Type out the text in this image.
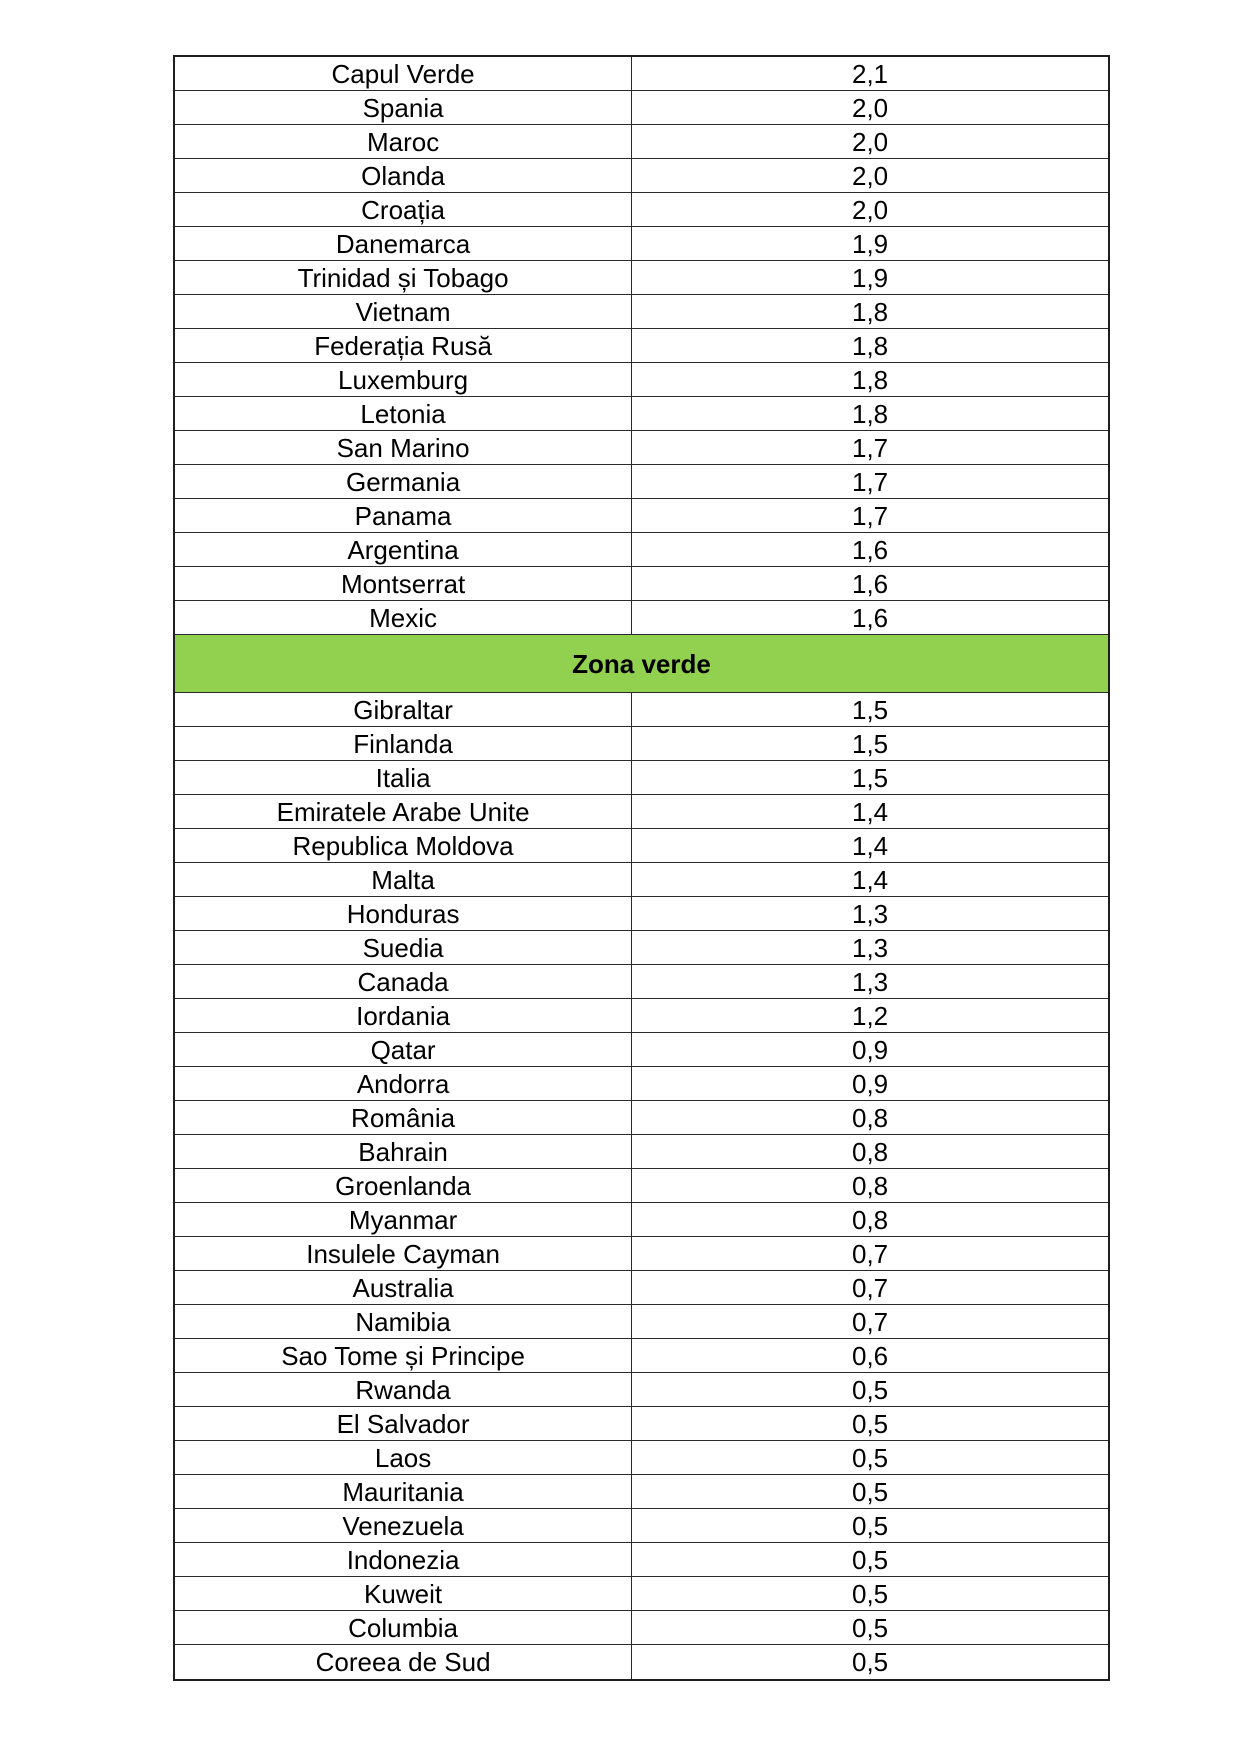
Capul Verde	2,1
Spania	2,0
Maroc	2,0
Olanda	2,0
Croația	2,0
Danemarca	1,9
Trinidad și Tobago	1,9
Vietnam	1,8
Federația Rusă	1,8
Luxemburg	1,8
Letonia	1,8
San Marino	1,7
Germania	1,7
Panama	1,7
Argentina	1,6
Montserrat	1,6
Mexic	1,6
Zona verde
Gibraltar	1,5
Finlanda	1,5
Italia	1,5
Emiratele Arabe Unite	1,4
Republica Moldova	1,4
Malta	1,4
Honduras	1,3
Suedia	1,3
Canada	1,3
Iordania	1,2
Qatar	0,9
Andorra	0,9
România	0,8
Bahrain	0,8
Groenlanda	0,8
Myanmar	0,8
Insulele Cayman	0,7
Australia	0,7
Namibia	0,7
Sao Tome și Principe	0,6
Rwanda	0,5
El Salvador	0,5
Laos	0,5
Mauritania	0,5
Venezuela	0,5
Indonezia	0,5
Kuweit	0,5
Columbia	0,5
Coreea de Sud	0,5
